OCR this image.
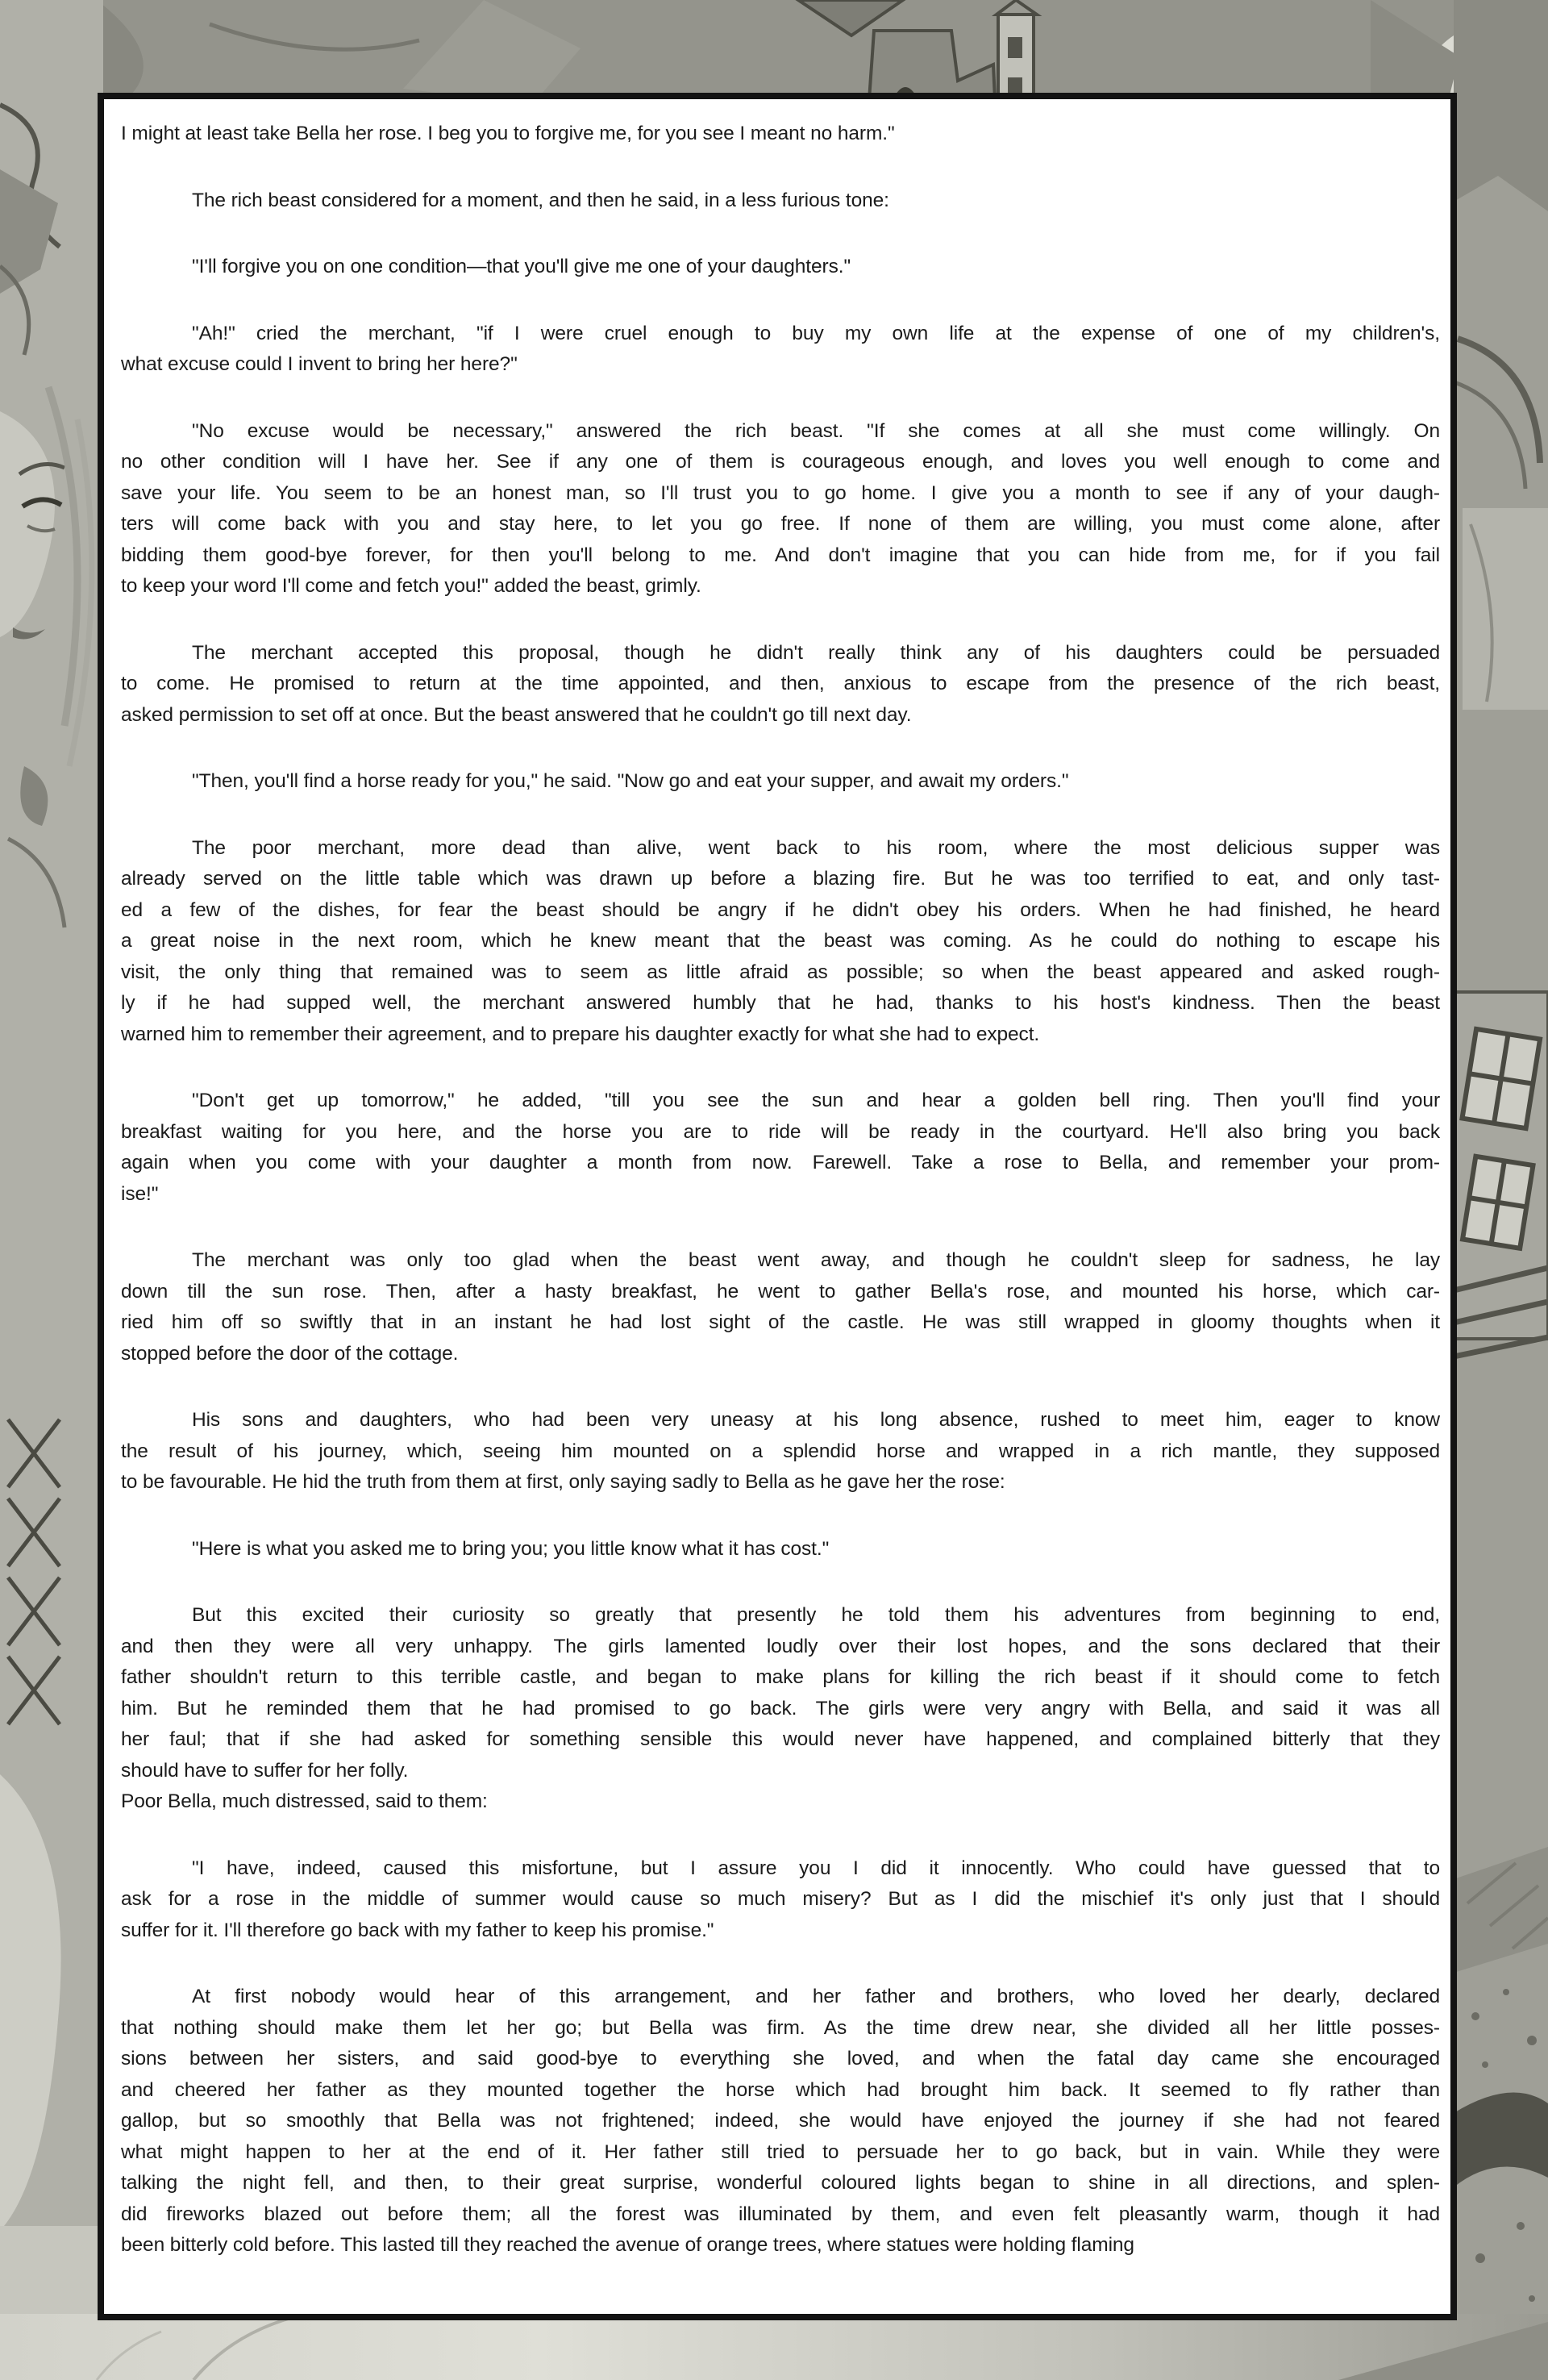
I might at least take Bella her rose. I beg you to forgive me, for you see I meant no harm."

The rich beast considered for a moment, and then he said, in a less furious tone:

"I'll forgive you on one condition—that you'll give me one of your daughters."

"Ah!" cried the merchant, "if I were cruel enough to buy my own life at the expense of one of my children's,
what excuse could I invent to bring her here?"

"No excuse would be necessary," answered the rich beast. "If she comes at all she must come willingly. On
no other condition will I have her. See if any one of them is courageous enough, and loves you well enough to come and
save your life. You seem to be an honest man, so I'll trust you to go home. I give you a month to see if any of your daugh-
ters will come back with you and stay here, to let you go free. If none of them are willing, you must come alone, after
bidding them good-bye forever, for then you'll belong to me. And don't imagine that you can hide from me, for if you fail
to keep your word I'll come and fetch you!" added the beast, grimly.

The merchant accepted this proposal, though he didn't really think any of his daughters could be persuaded
to come. He promised to return at the time appointed, and then, anxious to escape from the presence of the rich beast,
asked permission to set off at once. But the beast answered that he couldn't go till next day.

"Then, you'll find a horse ready for you," he said. "Now go and eat your supper, and await my orders."

The poor merchant, more dead than alive, went back to his room, where the most delicious supper was
already served on the little table which was drawn up before a blazing fire. But he was too terrified to eat, and only tast-
ed a few of the dishes, for fear the beast should be angry if he didn't obey his orders. When he had finished, he heard
a great noise in the next room, which he knew meant that the beast was coming. As he could do nothing to escape his
visit, the only thing that remained was to seem as little afraid as possible; so when the beast appeared and asked rough-
ly if he had supped well, the merchant answered humbly that he had, thanks to his host's kindness. Then the beast
warned him to remember their agreement, and to prepare his daughter exactly for what she had to expect.

"Don't get up tomorrow," he added, "till you see the sun and hear a golden bell ring. Then you'll find your
breakfast waiting for you here, and the horse you are to ride will be ready in the courtyard. He'll also bring you back
again when you come with your daughter a month from now. Farewell. Take a rose to Bella, and remember your prom-
ise!"

The merchant was only too glad when the beast went away, and though he couldn't sleep for sadness, he lay
down till the sun rose. Then, after a hasty breakfast, he went to gather Bella's rose, and mounted his horse, which car-
ried him off so swiftly that in an instant he had lost sight of the castle. He was still wrapped in gloomy thoughts when it
stopped before the door of the cottage.

His sons and daughters, who had been very uneasy at his long absence, rushed to meet him, eager to know
the result of his journey, which, seeing him mounted on a splendid horse and wrapped in a rich mantle, they supposed
to be favourable. He hid the truth from them at first, only saying sadly to Bella as he gave her the rose:

"Here is what you asked me to bring you; you little know what it has cost."

But this excited their curiosity so greatly that presently he told them his adventures from beginning to end,
and then they were all very unhappy. The girls lamented loudly over their lost hopes, and the sons declared that their
father shouldn't return to this terrible castle, and began to make plans for killing the rich beast if it should come to fetch
him. But he reminded them that he had promised to go back. The girls were very angry with Bella, and said it was all
her faul; that if she had asked for something sensible this would never have happened, and complained bitterly that they
should have to suffer for her folly.

Poor Bella, much distressed, said to them:

"I have, indeed, caused this misfortune, but I assure you I did it innocently. Who could have guessed that to
ask for a rose in the middle of summer would cause so much misery? But as I did the mischief it's only just that I should
suffer for it. I'll therefore go back with my father to keep his promise."

At first nobody would hear of this arrangement, and her father and brothers, who loved her dearly, declared
that nothing should make them let her go; but Bella was firm. As the time drew near, she divided all her little posses-
sions between her sisters, and said good-bye to everything she loved, and when the fatal day came she encouraged
and cheered her father as they mounted together the horse which had brought him back. It seemed to fly rather than
gallop, but so smoothly that Bella was not frightened; indeed, she would have enjoyed the journey if she had not feared
what might happen to her at the end of it. Her father still tried to persuade her to go back, but in vain. While they were
talking the night fell, and then, to their great surprise, wonderful coloured lights began to shine in all directions, and splen-
did fireworks blazed out before them; all the forest was illuminated by them, and even felt pleasantly warm, though it had
been bitterly cold before. This lasted till they reached the avenue of orange trees, where statues were holding flaming
